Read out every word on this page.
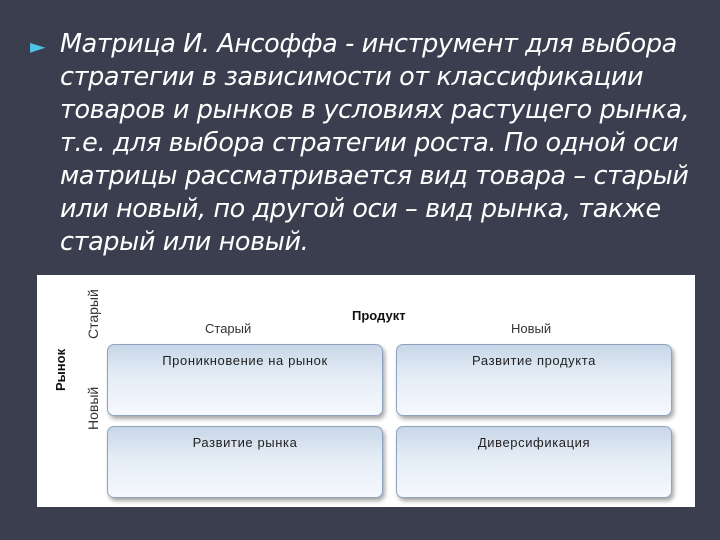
► Матрица И. Ансоффа - инструмент для выбора стратегии в зависимости от классификации товаров и рынков в условиях растущего рынка, т.е. для выбора стратегии роста. По одной оси матрицы рассматривается вид товара – старый или новый, по другой оси – вид рынка, также старый или новый.
Старый
Рынок
Новый
Продукт
Старый	Новый
Проникновение на рынок	Развитие продукта
Развитие рынка	Диверсификация
